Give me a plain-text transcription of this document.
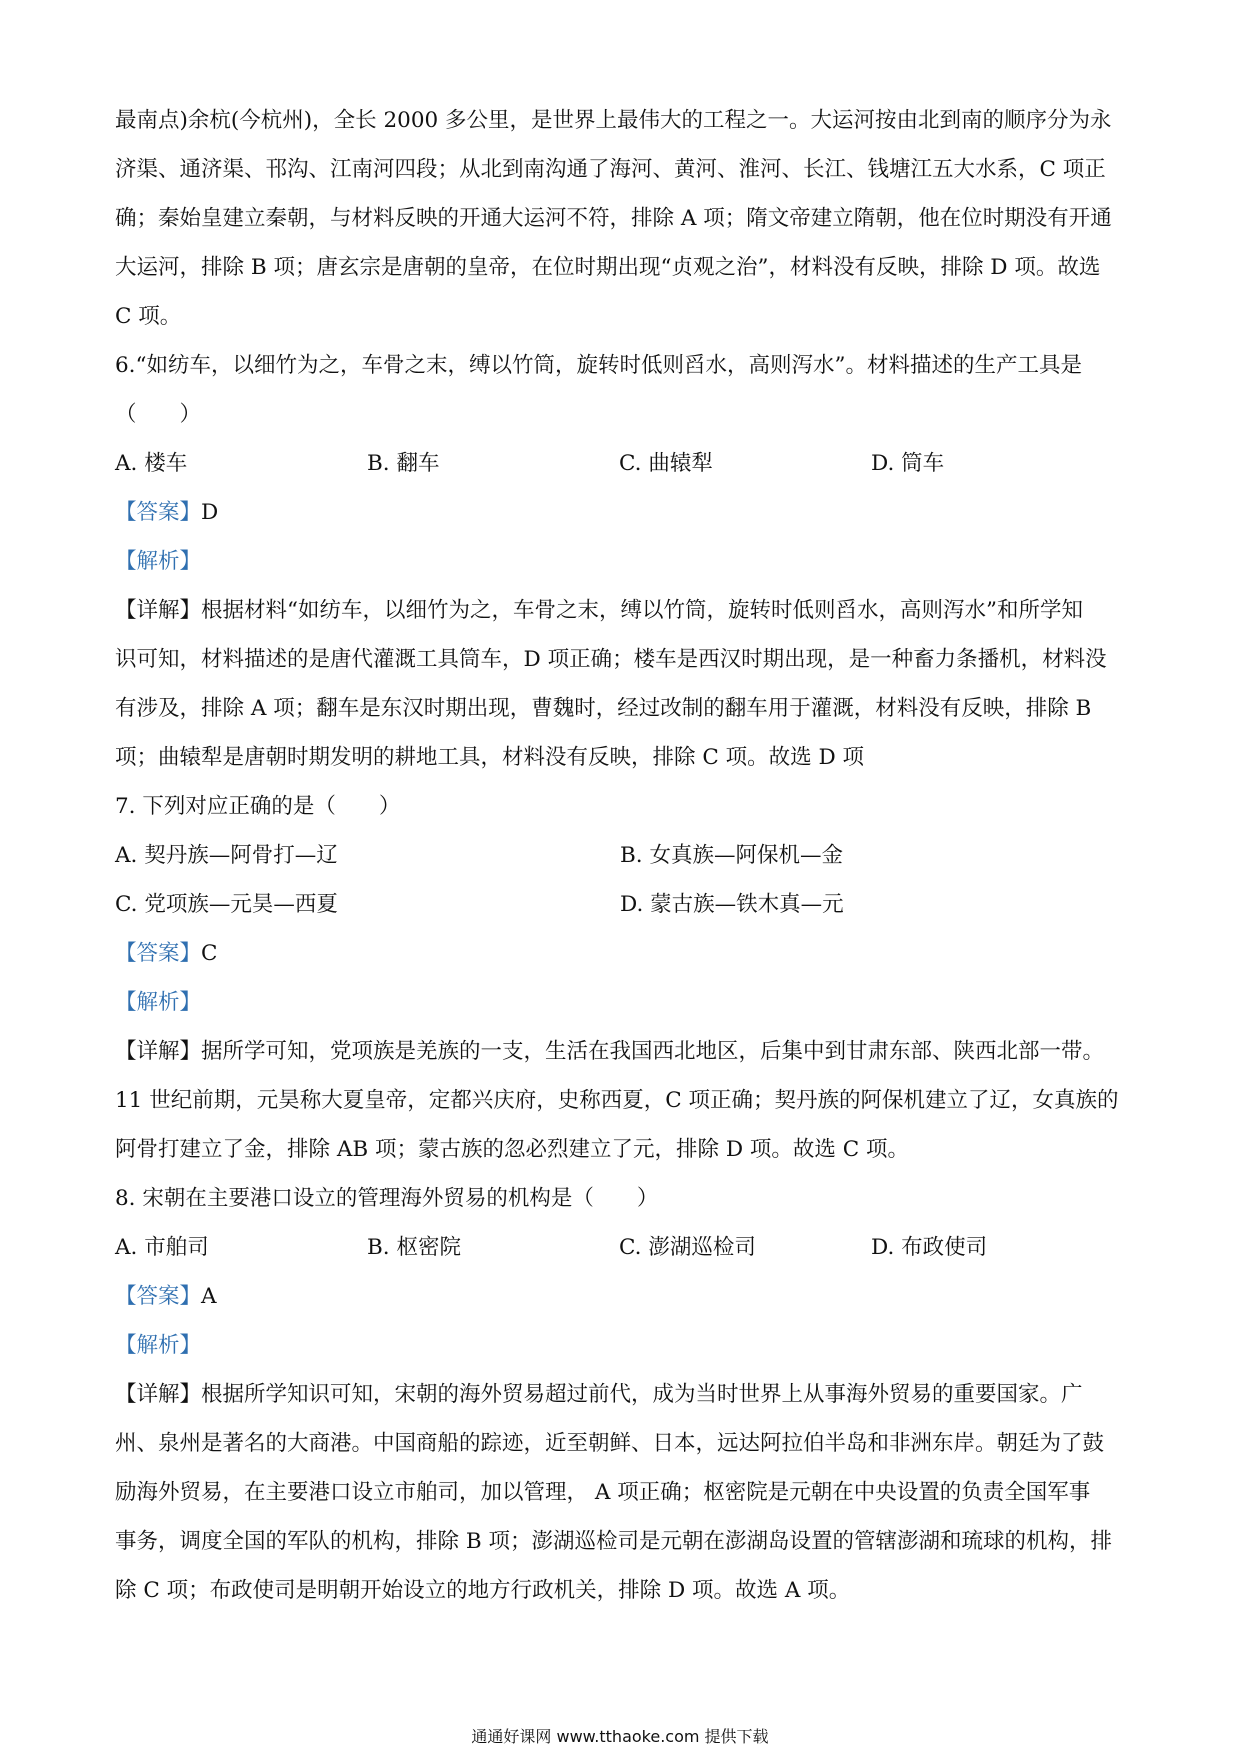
最南点)余杭(今杭州)，全长 2000 多公里，是世界上最伟大的工程之一。大运河按由北到南的顺序分为永
济渠、通济渠、邗沟、江南河四段；从北到南沟通了海河、黄河、淮河、长江、钱塘江五大水系，C 项正
确；秦始皇建立秦朝，与材料反映的开通大运河不符，排除 A 项；隋文帝建立隋朝，他在位时期没有开通
大运河，排除 B 项；唐玄宗是唐朝的皇帝，在位时期出现“贞观之治”，材料没有反映，排除 D 项。故选
C 项。
6.“如纺车，以细竹为之，车骨之末，缚以竹筒，旋转时低则舀水，高则泻水”。材料描述的生产工具是
（　　）
A. 楼车	B. 翻车	C. 曲辕犁	D. 筒车
【答案】D
【解析】
【详解】根据材料“如纺车，以细竹为之，车骨之末，缚以竹筒，旋转时低则舀水，高则泻水”和所学知
识可知，材料描述的是唐代灌溉工具筒车，D 项正确；楼车是西汉时期出现，是一种畜力条播机，材料没
有涉及，排除 A 项；翻车是东汉时期出现，曹魏时，经过改制的翻车用于灌溉，材料没有反映，排除 B
项；曲辕犁是唐朝时期发明的耕地工具，材料没有反映，排除 C 项。故选 D 项
7. 下列对应正确的是（　　）
A. 契丹族—阿骨打—辽	B. 女真族—阿保机—金
C. 党项族—元昊—西夏	D. 蒙古族—铁木真—元
【答案】C
【解析】
【详解】据所学可知，党项族是羌族的一支，生活在我国西北地区，后集中到甘肃东部、陕西北部一带。
11 世纪前期，元昊称大夏皇帝，定都兴庆府，史称西夏，C 项正确；契丹族的阿保机建立了辽，女真族的
阿骨打建立了金，排除 AB 项；蒙古族的忽必烈建立了元，排除 D 项。故选 C 项。
8. 宋朝在主要港口设立的管理海外贸易的机构是（　　）
A. 市舶司	B. 枢密院	C. 澎湖巡检司	D. 布政使司
【答案】A
【解析】
【详解】根据所学知识可知，宋朝的海外贸易超过前代，成为当时世界上从事海外贸易的重要国家。广
州、泉州是著名的大商港。中国商船的踪迹，近至朝鲜、日本，远达阿拉伯半岛和非洲东岸。朝廷为了鼓
励海外贸易，在主要港口设立市舶司，加以管理， A 项正确；枢密院是元朝在中央设置的负责全国军事
事务，调度全国的军队的机构，排除 B 项；澎湖巡检司是元朝在澎湖岛设置的管辖澎湖和琉球的机构，排
除 C 项；布政使司是明朝开始设立的地方行政机关，排除 D 项。故选 A 项。
通通好课网 www.tthaoke.com 提供下载
